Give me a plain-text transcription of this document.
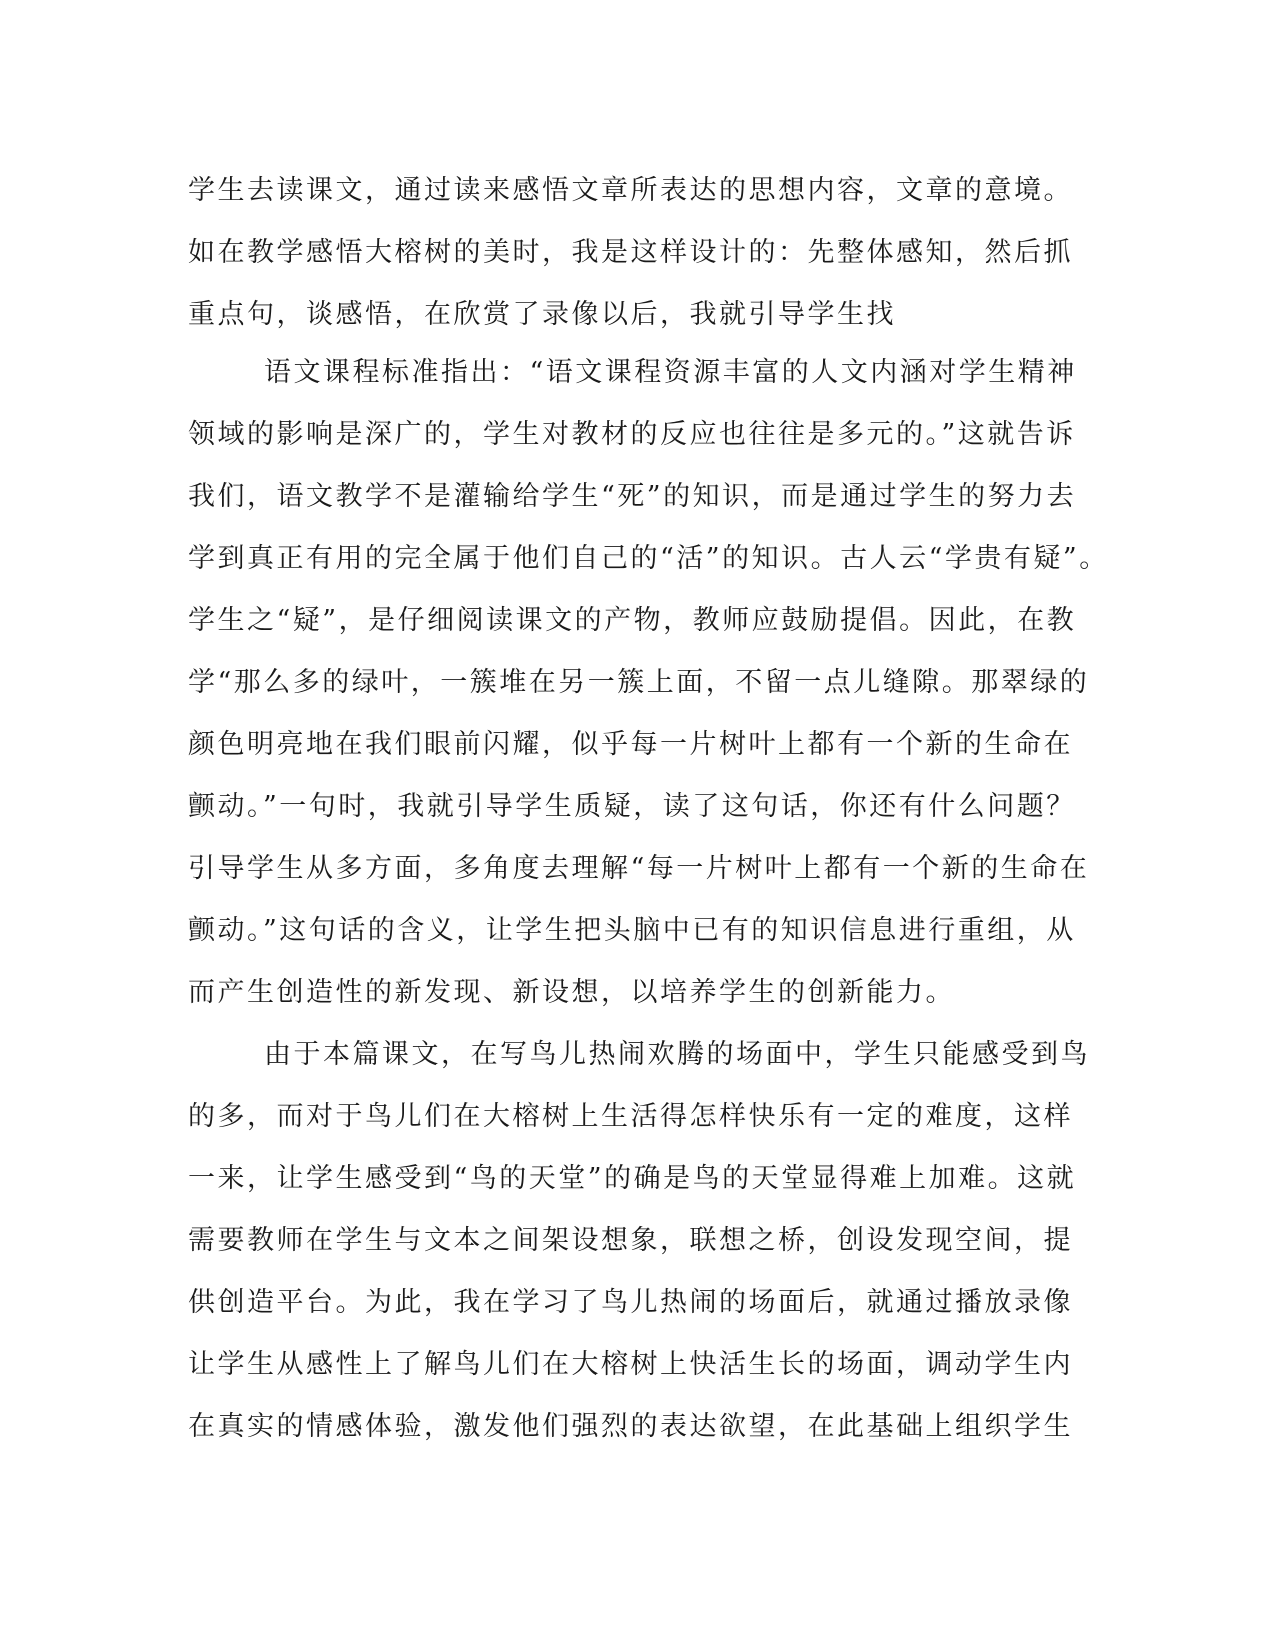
学生去读课文，通过读来感悟文章所表达的思想内容，文章的意境。
如在教学感悟大榕树的美时，我是这样设计的：先整体感知，然后抓
重点句，谈感悟，在欣赏了录像以后，我就引导学生找
语文课程标准指出：“语文课程资源丰富的人文内涵对学生精神
领域的影响是深广的，学生对教材的反应也往往是多元的。”这就告诉
我们，语文教学不是灌输给学生“死”的知识，而是通过学生的努力去
学到真正有用的完全属于他们自己的“活”的知识。古人云“学贵有疑”。
学生之“疑”，是仔细阅读课文的产物，教师应鼓励提倡。因此，在教
学“那么多的绿叶，一簇堆在另一簇上面，不留一点儿缝隙。那翠绿的
颜色明亮地在我们眼前闪耀，似乎每一片树叶上都有一个新的生命在
颤动。”一句时，我就引导学生质疑，读了这句话，你还有什么问题？
引导学生从多方面，多角度去理解“每一片树叶上都有一个新的生命在
颤动。”这句话的含义，让学生把头脑中已有的知识信息进行重组，从
而产生创造性的新发现、新设想，以培养学生的创新能力。
由于本篇课文，在写鸟儿热闹欢腾的场面中，学生只能感受到鸟
的多，而对于鸟儿们在大榕树上生活得怎样快乐有一定的难度，这样
一来，让学生感受到“鸟的天堂”的确是鸟的天堂显得难上加难。这就
需要教师在学生与文本之间架设想象，联想之桥，创设发现空间，提
供创造平台。为此，我在学习了鸟儿热闹的场面后，就通过播放录像
让学生从感性上了解鸟儿们在大榕树上快活生长的场面，调动学生内
在真实的情感体验，激发他们强烈的表达欲望，在此基础上组织学生
